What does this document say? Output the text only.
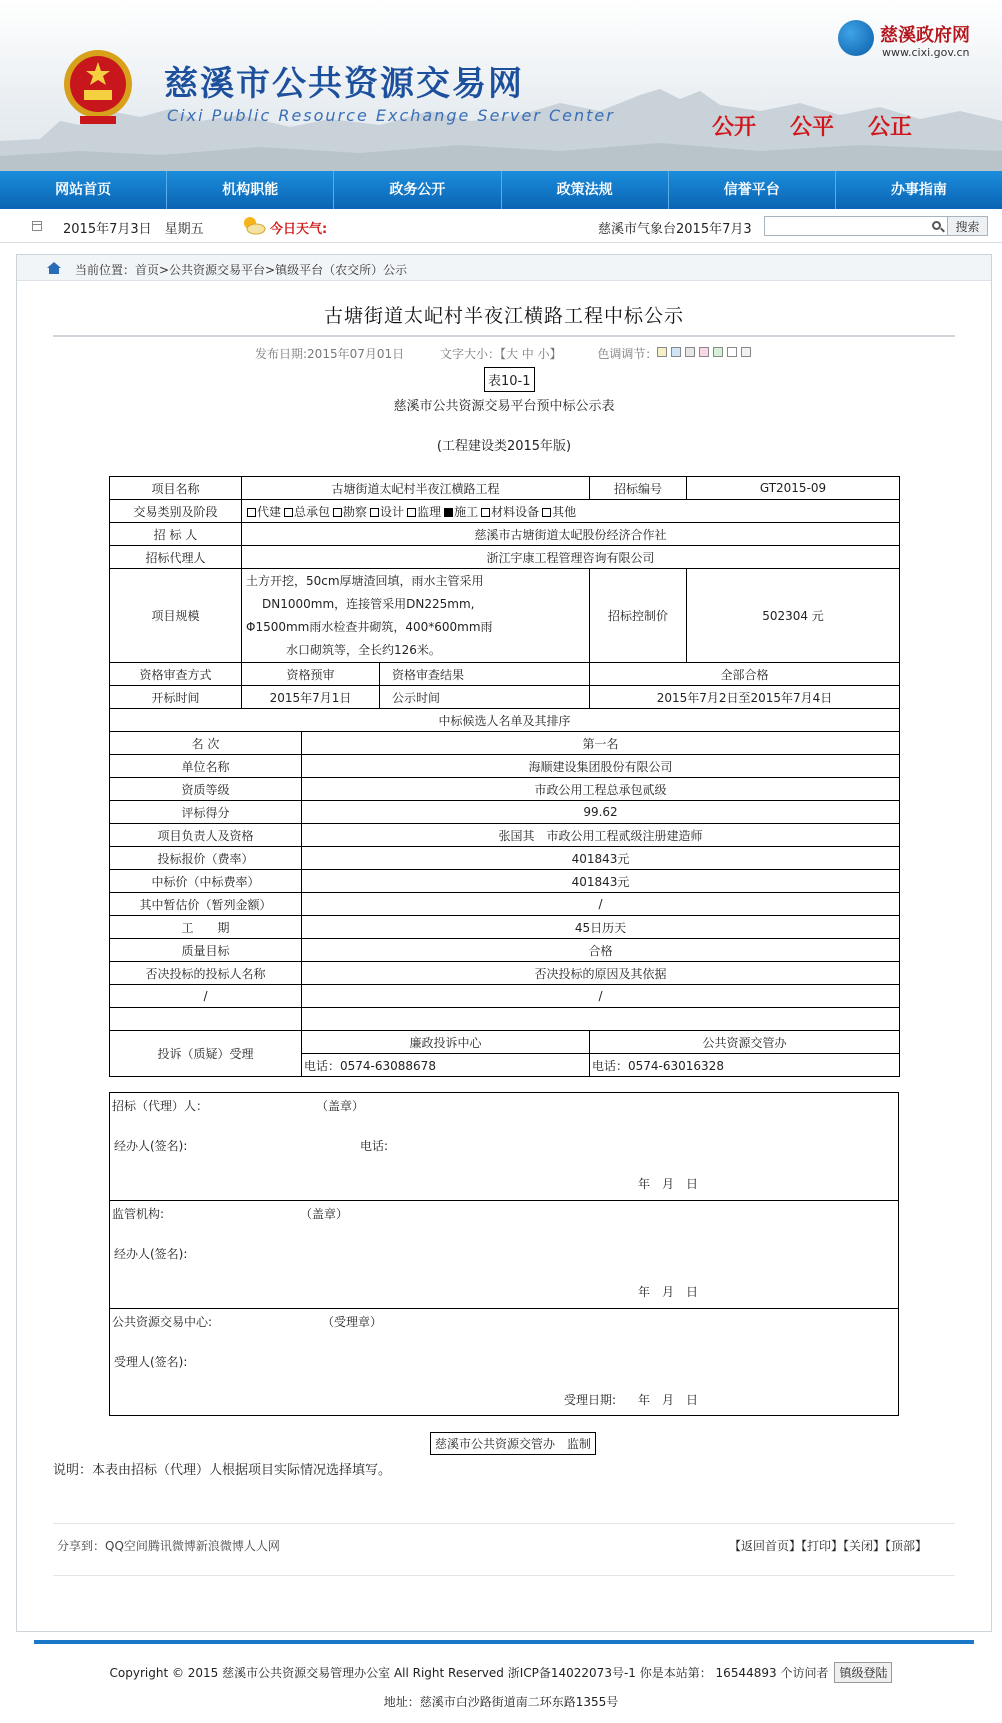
慈溪市公共资源交易网
Cixi Public Resource Exchange Server Center
慈溪政府网
www.cixi.gov.cn
公开 公平 公正
网站首页	机构职能	政务公开	政策法规	信誉平台	办事指南
2015年7月3日　星期五	今日天气:	慈溪市气象台2015年7月3	搜索
当前位置：首页>公共资源交易平台>镇级平台（农交所）公示
古塘街道太屺村半夜江横路工程中标公示
发布日期:2015年07月01日	文字大小：【大 中 小】	色调调节：
表10-1
慈溪市公共资源交易平台预中标公示表
(工程建设类2015年版)
项目名称	古塘街道太屺村半夜江横路工程			招标编号	GT2015-09
交易类别及阶段	代建 总承包 勘察 设计 监理 施工 材料设备 其他				
招 标 人	慈溪市古塘街道太屺股份经济合作社				
招标代理人	浙江宇康工程管理咨询有限公司				
项目规模	土方开挖，50cm厚塘渣回填，雨水主管采用
DN1000mm，连接管采用DN225mm,
Φ1500mm雨水检查井砌筑，400*600mm雨
水口砌筑等，全长约126米。			招标控制价	502304 元
资格审查方式	资格预审		资格审查结果	全部合格	
开标时间	2015年7月1日		公示时间	2015年7月2日至2015年7月4日	
中标候选人名单及其排序					
名 次		第一名			
单位名称		海顺建设集团股份有限公司			
资质等级		市政公用工程总承包贰级			
评标得分		99.62			
项目负责人及资格		张国其　市政公用工程贰级注册建造师			
投标报价（费率）		401843元			
中标价（中标费率）		401843元			
其中暂估价（暂列金额）		/			
工　　期		45日历天			
质量目标		合格			
否决投标的投标人名称		否决投标的原因及其依据			
/		/			

投诉（质疑）受理		廉政投诉中心		公共资源交管办	
		电话：0574-63088678		电话：0574-63016328	
招标（代理）人：	（盖章）
经办人(签名):	电话:
年　月　日
监管机构:	（盖章）
经办人(签名):
年　月　日
公共资源交易中心:	（受理章）
受理人(签名):
受理日期: 年　月　日
慈溪市公共资源交管办　监制
说明：本表由招标（代理）人根据项目实际情况选择填写。
分享到：QQ空间腾讯微博新浪微博人人网	【返回首页】【打印】【关闭】【顶部】
Copyright © 2015 慈溪市公共资源交易管理办公室 All Right Reserved 浙ICP备14022073号-1 你是本站第： 16544893 个访问者 镇级登陆
地址：慈溪市白沙路街道南二环东路1355号
